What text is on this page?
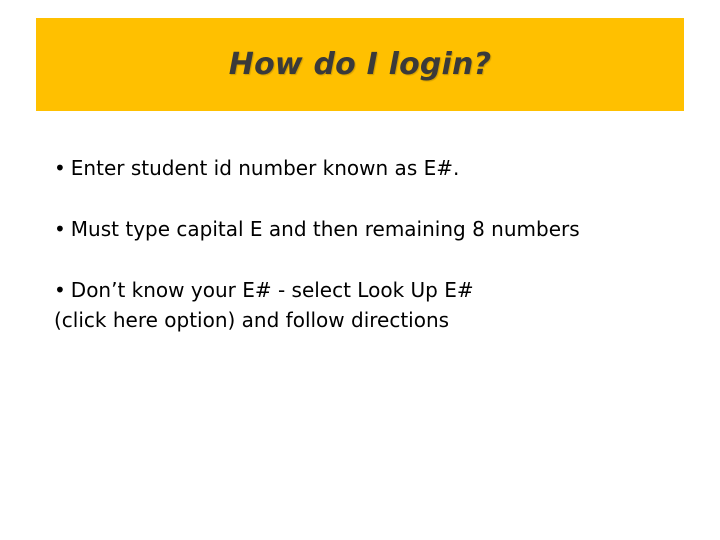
How do I login?

• Enter student id number known as E#.

• Must type capital E and then remaining 8 numbers

• Don’t know your E# - select Look Up E#
(click here option) and follow directions
